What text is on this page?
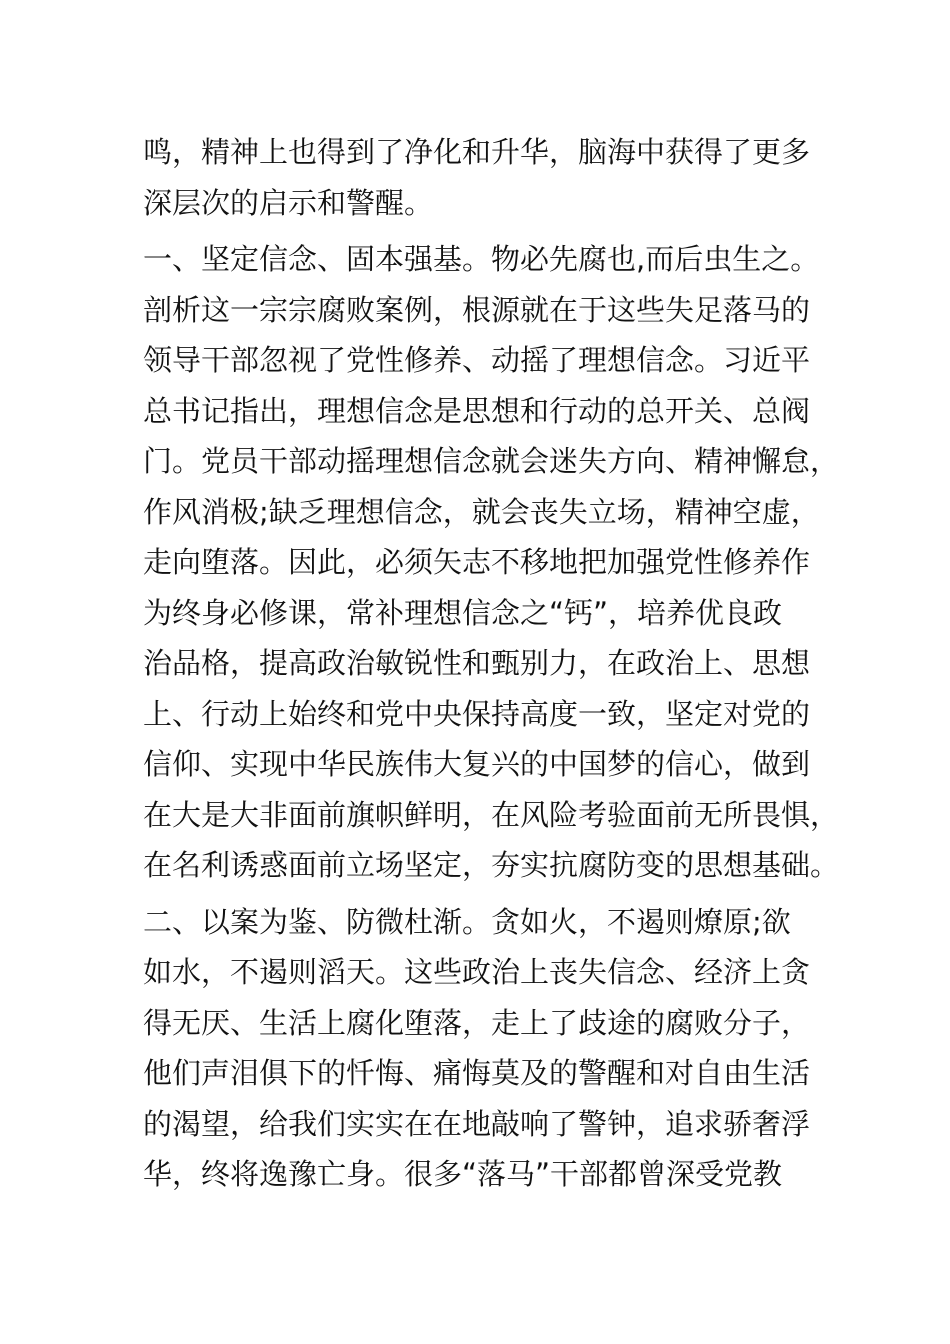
鸣，精神上也得到了净化和升华，脑海中获得了更多
深层次的启示和警醒。
一、坚定信念、固本强基。物必先腐也,而后虫生之。
剖析这一宗宗腐败案例，根源就在于这些失足落马的
领导干部忽视了党性修养、动摇了理想信念。习近平
总书记指出，理想信念是思想和行动的总开关、总阀
门。党员干部动摇理想信念就会迷失方向、精神懈怠，
作风消极;缺乏理想信念，就会丧失立场，精神空虚，
走向堕落。因此，必须矢志不移地把加强党性修养作
为终身必修课，常补理想信念之“钙”，培养优良政
治品格，提高政治敏锐性和甄别力，在政治上、思想
上、行动上始终和党中央保持高度一致，坚定对党的
信仰、实现中华民族伟大复兴的中国梦的信心，做到
在大是大非面前旗帜鲜明，在风险考验面前无所畏惧，
在名利诱惑面前立场坚定，夯实抗腐防变的思想基础。
二、以案为鉴、防微杜渐。贪如火，不遏则燎原;欲
如水，不遏则滔天。这些政治上丧失信念、经济上贪
得无厌、生活上腐化堕落，走上了歧途的腐败分子，
他们声泪俱下的忏悔、痛悔莫及的警醒和对自由生活
的渴望，给我们实实在在地敲响了警钟，追求骄奢浮
华，终将逸豫亡身。很多“落马”干部都曾深受党教
